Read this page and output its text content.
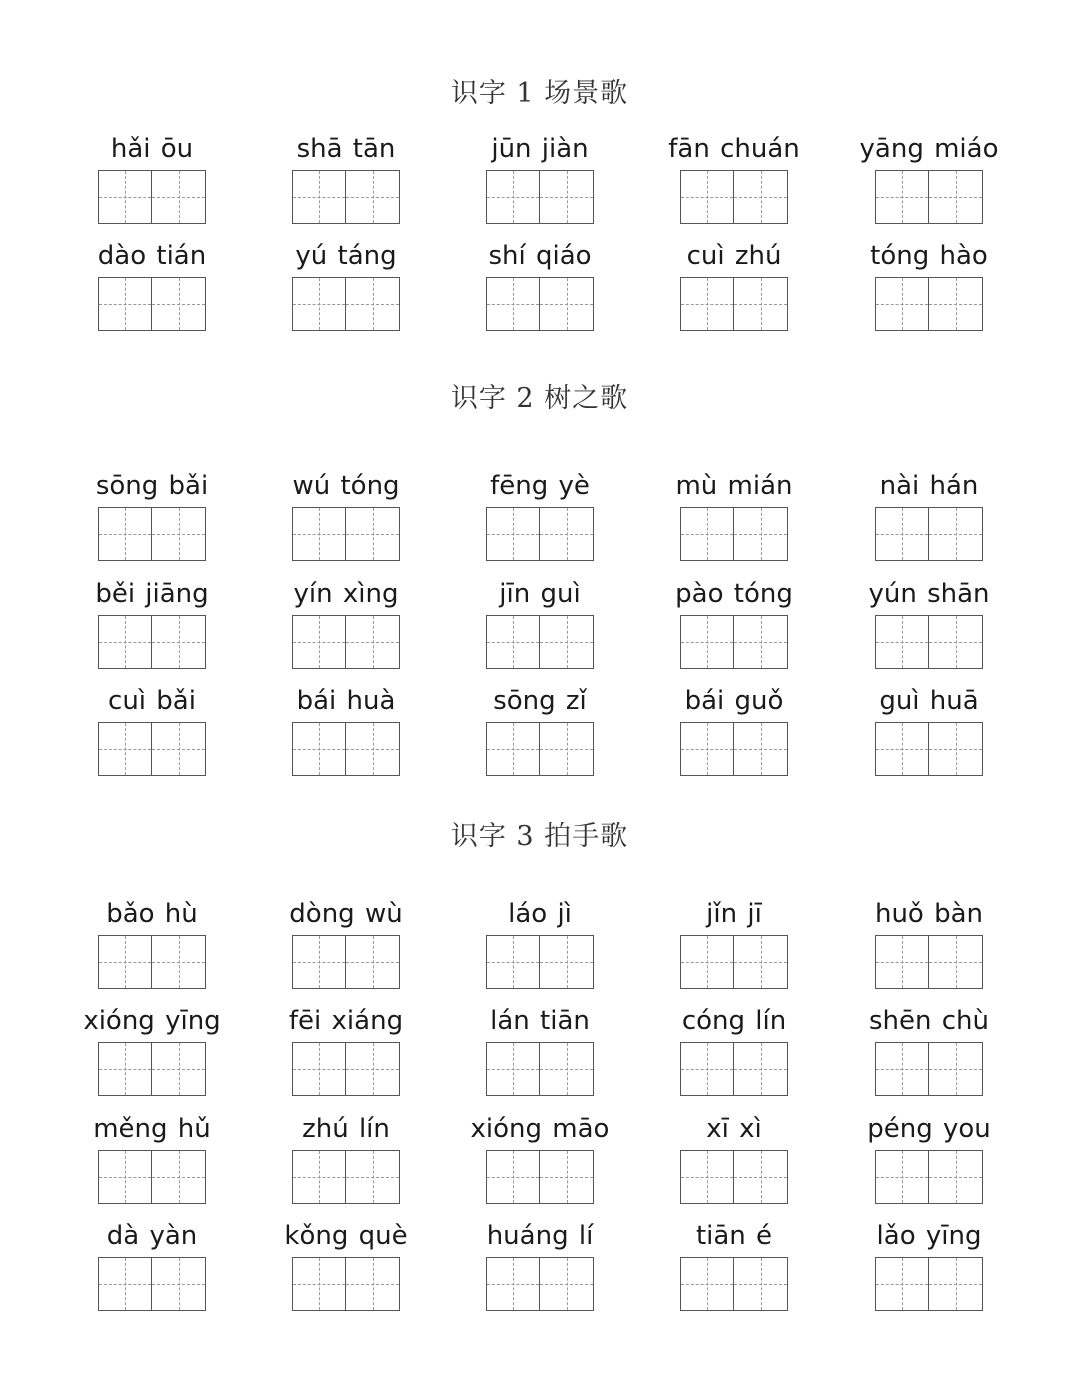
识字 1 场景歌
hǎi ōu	shā tān	jūn jiàn	fān chuán	yāng miáo
dào tián	yú táng	shí qiáo	cuì zhú	tóng hào
识字 2 树之歌
sōng bǎi	wú tóng	fēng yè	mù mián	nài hán
běi jiāng	yín xìng	jīn guì	pào tóng	yún shān
cuì bǎi	bái huà	sōng zǐ	bái guǒ	guì huā
识字 3 拍手歌
bǎo hù	dòng wù	láo jì	jǐn jī	huǒ bàn
xióng yīng	fēi xiáng	lán tiān	cóng lín	shēn chù
měng hǔ	zhú lín	xióng māo	xī xì	péng you
dà yàn	kǒng què	huáng lí	tiān é	lǎo yīng
